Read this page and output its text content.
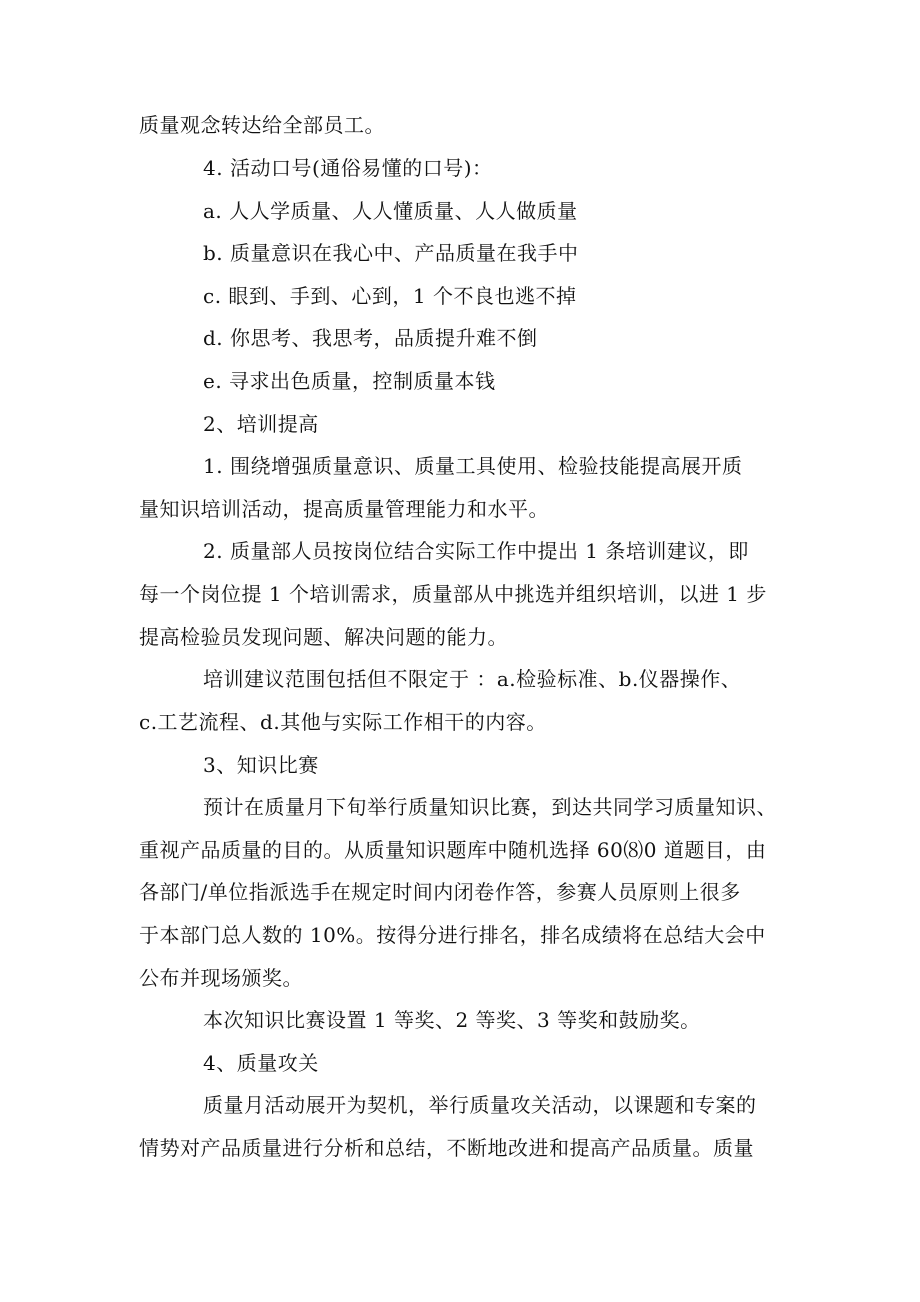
质量观念转达给全部员工。
4. 活动口号(通俗易懂的口号)：
a. 人人学质量、人人懂质量、人人做质量
b. 质量意识在我心中、产品质量在我手中
c. 眼到、手到、心到，1 个不良也逃不掉
d. 你思考、我思考，品质提升难不倒
e. 寻求出色质量，控制质量本钱
2、培训提高
1. 围绕增强质量意识、质量工具使用、检验技能提高展开质
量知识培训活动，提高质量管理能力和水平。
2. 质量部人员按岗位结合实际工作中提出 1 条培训建议，即
每一个岗位提 1 个培训需求，质量部从中挑选并组织培训，以进 1 步
提高检验员发现问题、解决问题的能力。
培训建议范围包括但不限定于 ：a.检验标准、b.仪器操作、
c.工艺流程、d.其他与实际工作相干的内容。
3、知识比赛
预计在质量月下旬举行质量知识比赛，到达共同学习质量知识、
重视产品质量的目的。从质量知识题库中随机选择 60⑻0 道题目，由
各部门/单位指派选手在规定时间内闭卷作答，参赛人员原则上很多
于本部门总人数的 10%。按得分进行排名，排名成绩将在总结大会中
公布并现场颁奖。
本次知识比赛设置 1 等奖、2 等奖、3 等奖和鼓励奖。
4、质量攻关
质量月活动展开为契机，举行质量攻关活动，以课题和专案的
情势对产品质量进行分析和总结，不断地改进和提高产品质量。质量
